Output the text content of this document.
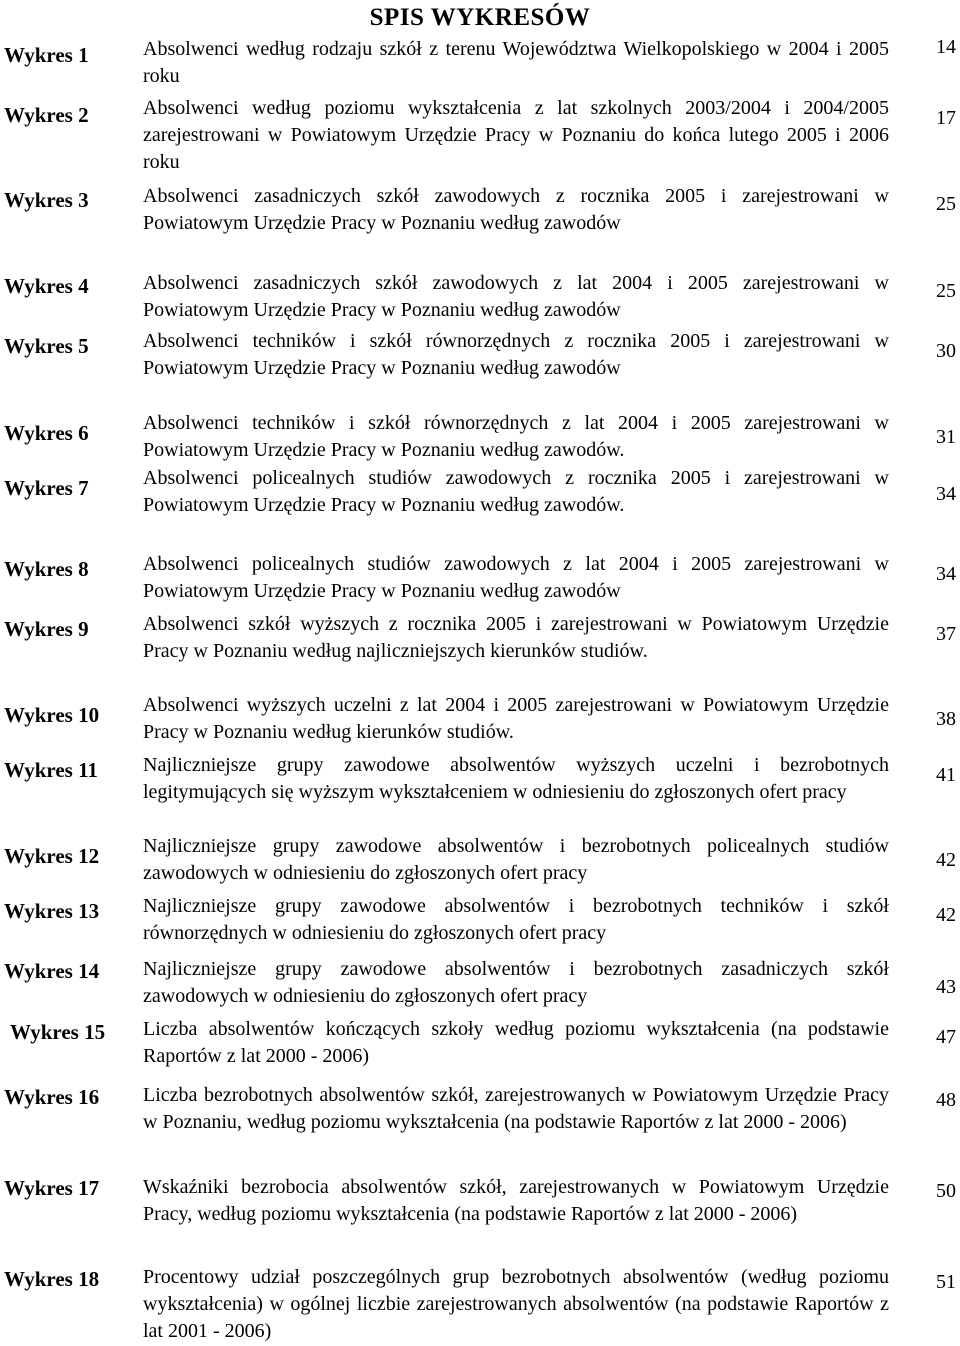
SPIS WYKRESÓW
Wykres 1	Absolwenci według rodzaju szkół z terenu Województwa Wielkopolskiego w 2004 i 2005 roku
14
Wykres 2	Absolwenci według poziomu wykształcenia z lat szkolnych 2003/2004 i 2004/2005 zarejestrowani w Powiatowym Urzędzie Pracy w Poznaniu do końca lutego 2005 i 2006 roku
17
Wykres 3	Absolwenci zasadniczych szkół zawodowych z rocznika 2005 i zarejestrowani w Powiatowym Urzędzie Pracy w Poznaniu według zawodów
25
Wykres 4	Absolwenci zasadniczych szkół zawodowych z lat 2004 i 2005 zarejestrowani w Powiatowym Urzędzie Pracy w Poznaniu według zawodów
25
Wykres 5	Absolwenci techników i szkół równorzędnych z rocznika 2005 i zarejestrowani w Powiatowym Urzędzie Pracy w Poznaniu według zawodów
30
Wykres 6	Absolwenci techników i szkół równorzędnych z lat 2004 i 2005 zarejestrowani w Powiatowym Urzędzie Pracy w Poznaniu według zawodów.
31
Wykres 7	Absolwenci policealnych studiów zawodowych z rocznika 2005 i zarejestrowani w Powiatowym Urzędzie Pracy w Poznaniu według zawodów.	34
Wykres 8	Absolwenci policealnych studiów zawodowych z lat 2004 i 2005 zarejestrowani w Powiatowym Urzędzie Pracy w Poznaniu według zawodów
34
Wykres 9	Absolwenci szkół wyższych z rocznika 2005 i zarejestrowani w Powiatowym Urzędzie Pracy w Poznaniu według najliczniejszych kierunków studiów.
37
Wykres 10 Absolwenci wyższych uczelni z lat 2004 i 2005 zarejestrowani w Powiatowym Urzędzie Pracy w Poznaniu według kierunków studiów.
38
Wykres 11 Najliczniejsze grupy zawodowe absolwentów wyższych uczelni i bezrobotnych legitymujących się wyższym wykształceniem w odniesieniu do zgłoszonych ofert pracy
41
Wykres 12 Najliczniejsze grupy zawodowe absolwentów i bezrobotnych policealnych studiów zawodowych w odniesieniu do zgłoszonych ofert pracy
42
Wykres 13 Najliczniejsze grupy zawodowe absolwentów i bezrobotnych techników i szkół równorzędnych w odniesieniu do zgłoszonych ofert pracy
42
Wykres 14 Najliczniejsze grupy zawodowe absolwentów i bezrobotnych zasadniczych szkół zawodowych w odniesieniu do zgłoszonych ofert pracy	43
Wykres 15 Liczba absolwentów kończących szkoły według poziomu wykształcenia (na podstawie Raportów z lat 2000 - 2006)
47
Wykres 16 Liczba bezrobotnych absolwentów szkół, zarejestrowanych w Powiatowym Urzędzie Pracy w Poznaniu, według poziomu wykształcenia (na podstawie Raportów z lat 2000 - 2006)
48
Wykres 17 Wskaźniki bezrobocia absolwentów szkół, zarejestrowanych w Powiatowym Urzędzie Pracy, według poziomu wykształcenia (na podstawie Raportów z lat 2000 - 2006)
50
Wykres 18 Procentowy udział poszczególnych grup bezrobotnych absolwentów (według poziomu wykształcenia) w ogólnej liczbie zarejestrowanych absolwentów (na podstawie Raportów z lat 2001 - 2006)
51
